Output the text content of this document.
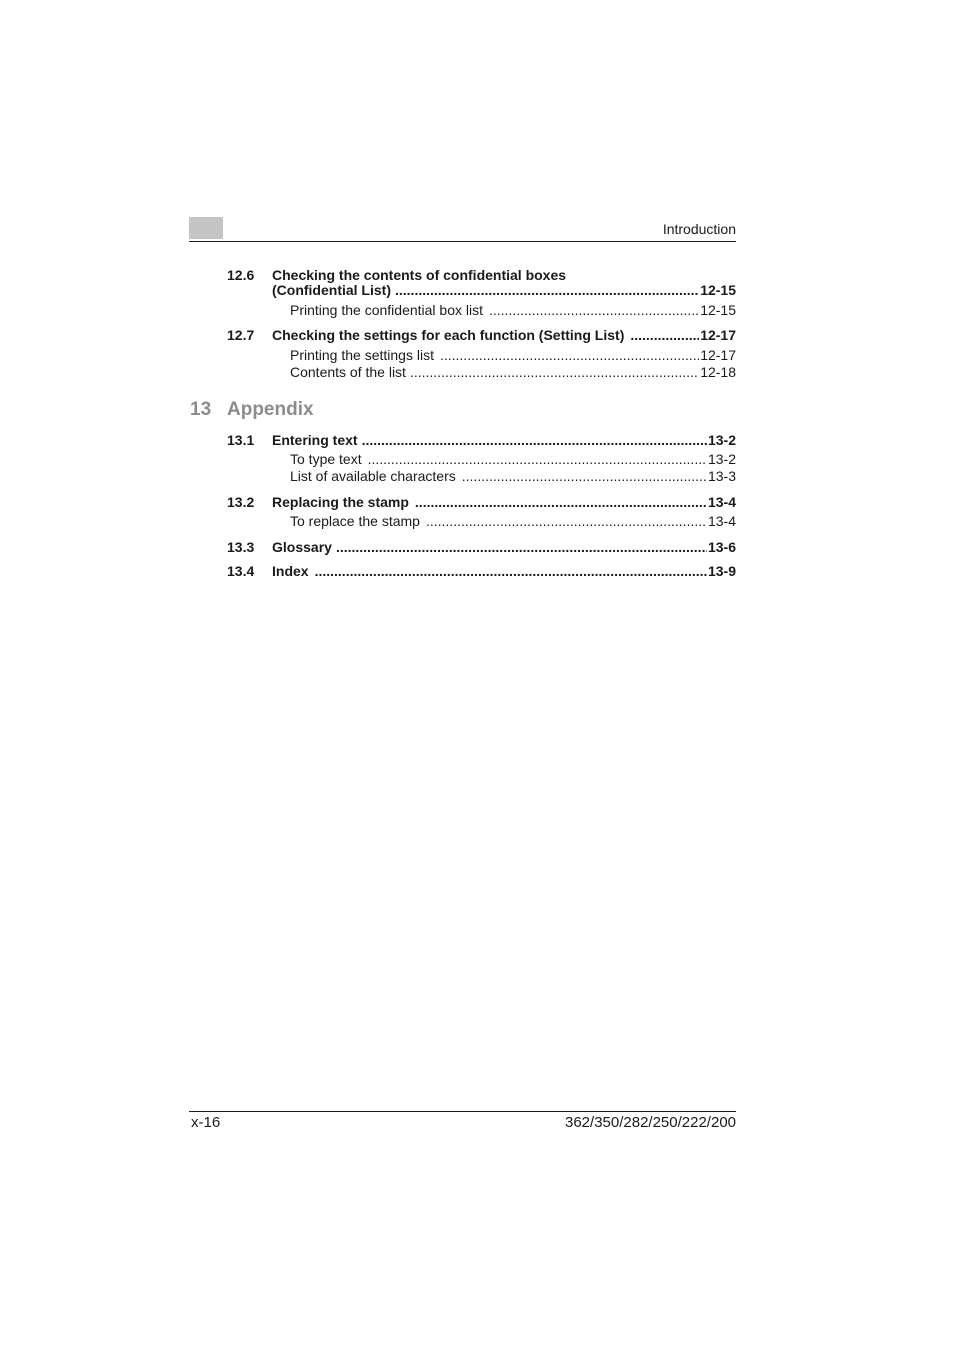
Introduction
12.6	Checking the contents of confidential boxes
(Confidential List) .....	12-15
Printing the confidential box list .....	12-15
12.7	Checking the settings for each function (Setting List) .....	12-17
Printing the settings list .....	12-17
Contents of the list .....	12-18
13 Appendix
13.1	Entering text .....	13-2
To type text .....	13-2
List of available characters .....	13-3
13.2	Replacing the stamp .....	13-4
To replace the stamp .....	13-4
13.3	Glossary .....	13-6
13.4	Index .....	13-9
x-16	362/350/282/250/222/200
